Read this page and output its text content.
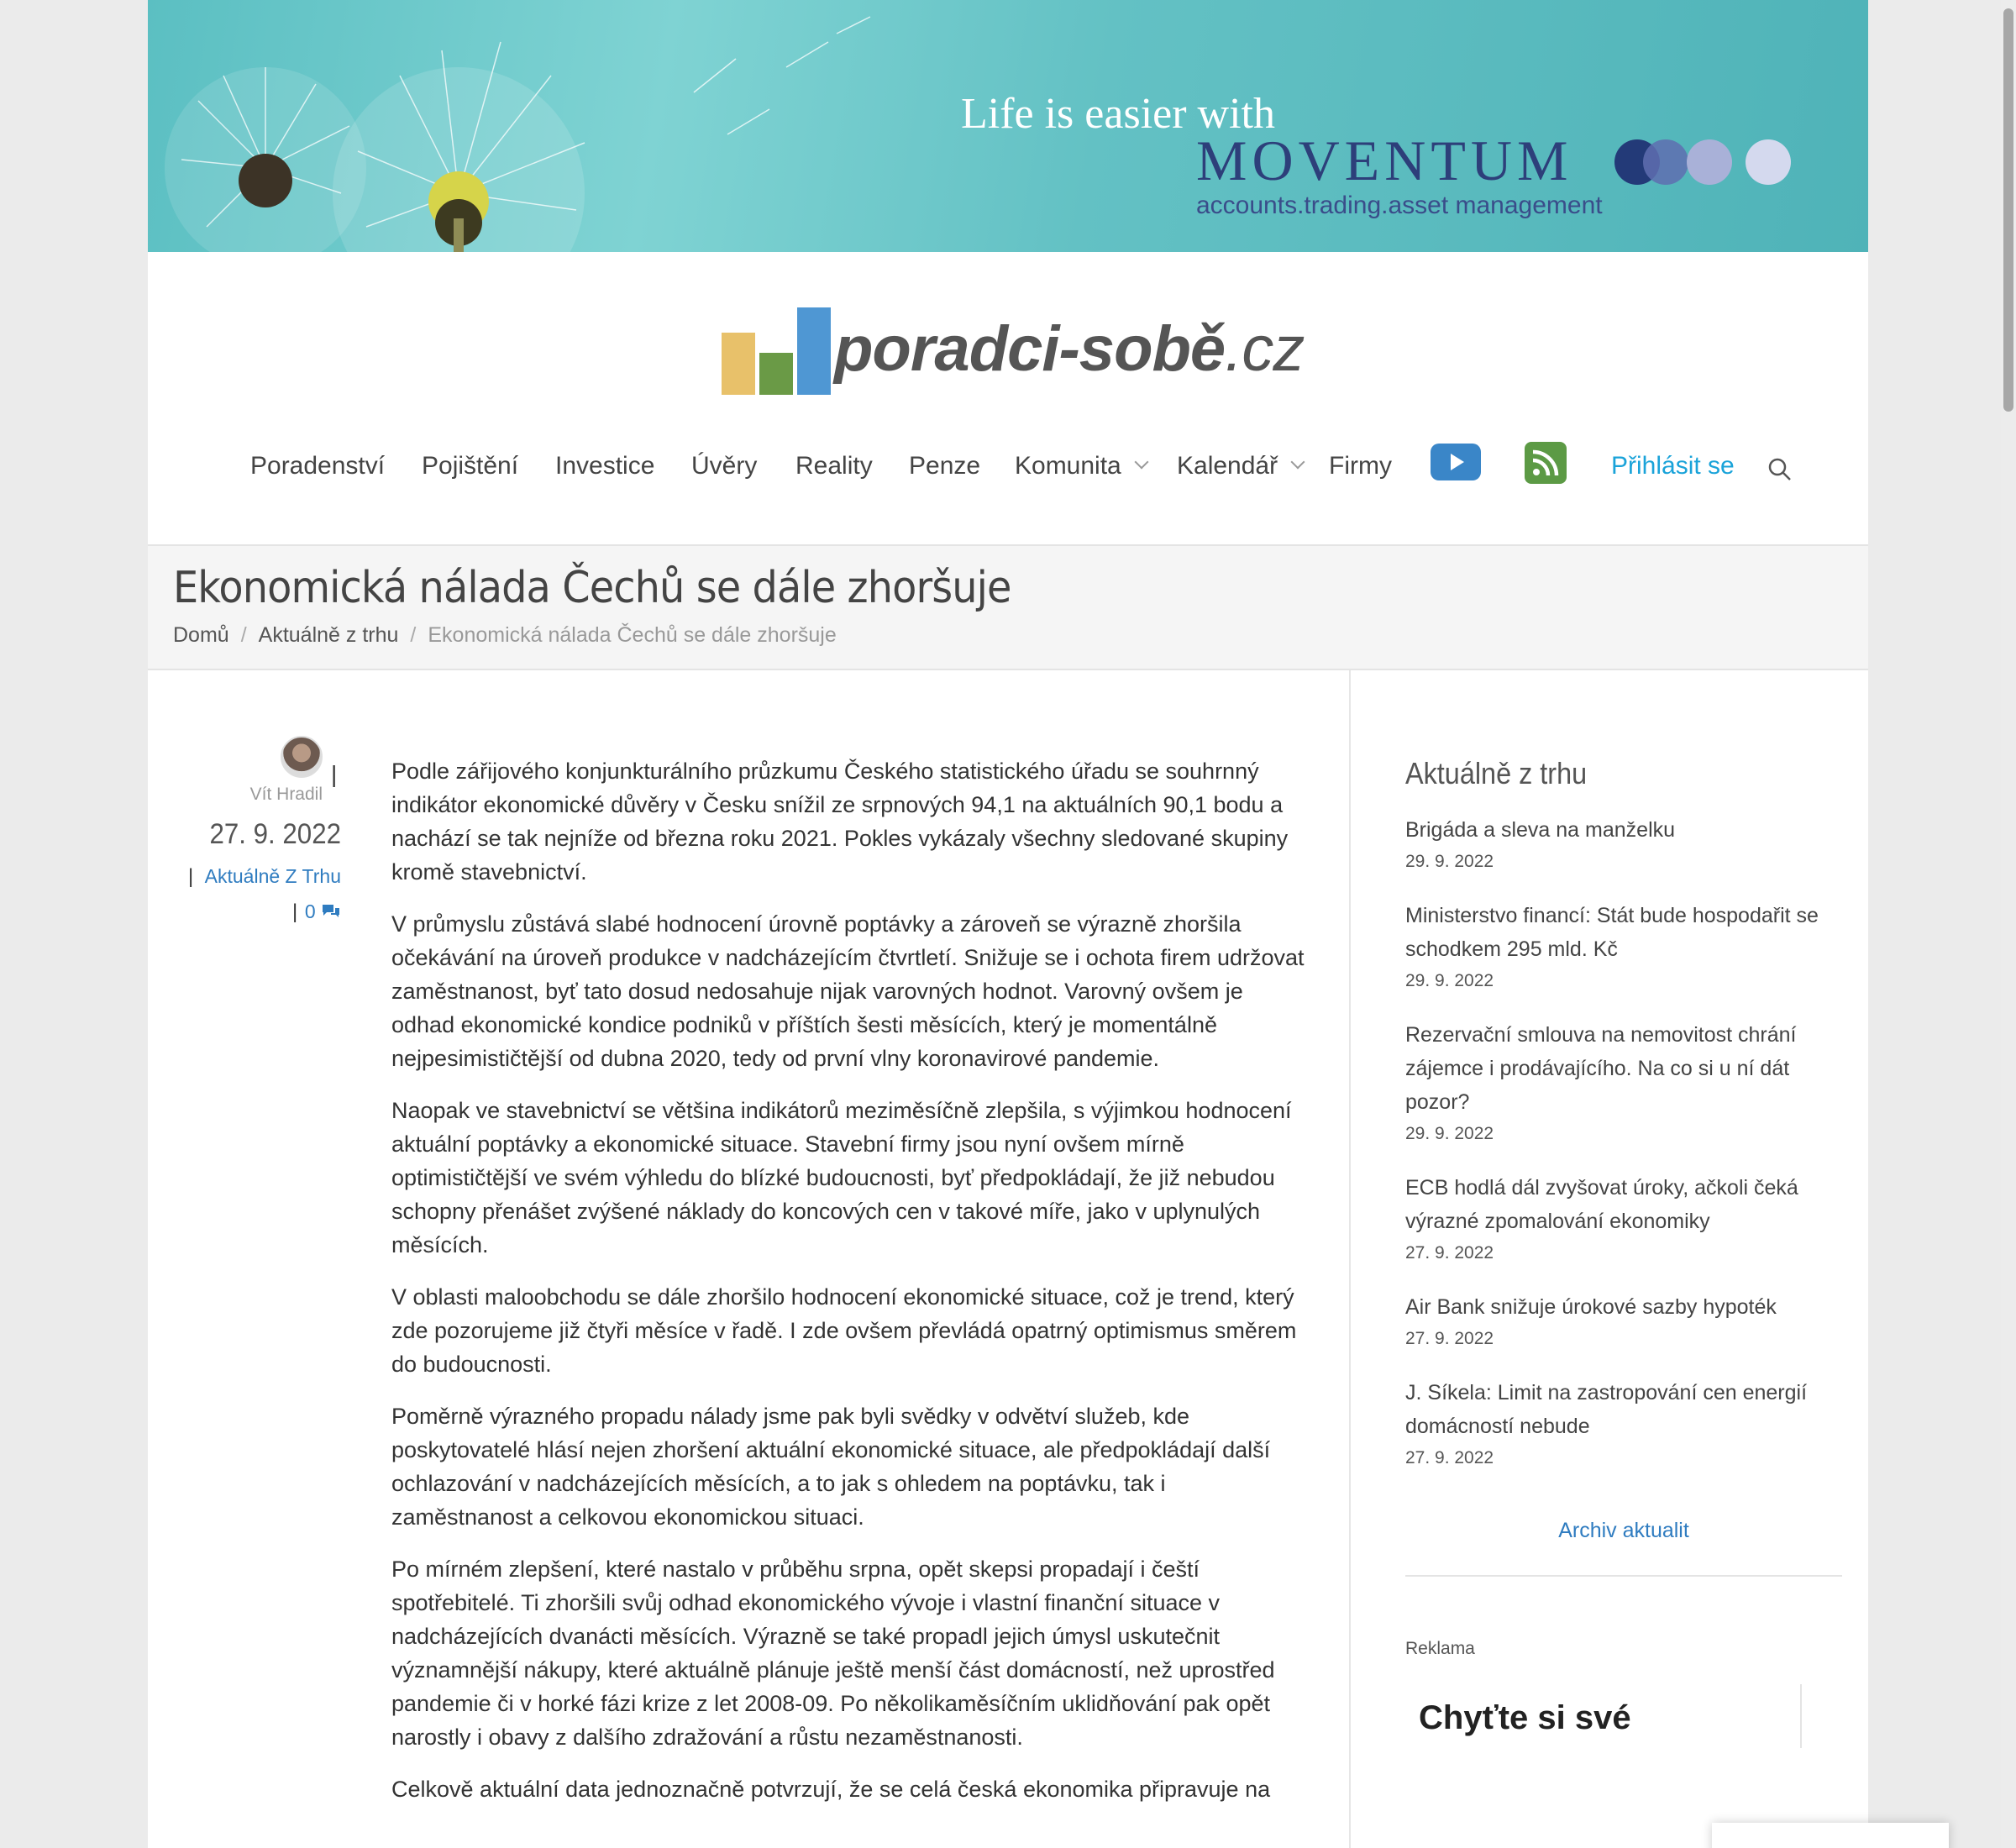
Life is easier with
MOVENTUM
accounts.trading.asset management
poradci-sobě.cz
Poradenství Pojištění Investice Úvěry Reality Penze Komunita	Kalendář	Firmy	Přihlásit se
Ekonomická nálada Čechů se dále zhoršuje
Domů / Aktuálně z trhu / Ekonomická nálada Čechů se dále zhoršuje
|
Vít Hradil
27. 9. 2022
| Aktuálně Z Trhu
| 0

Podle zářijového konjunkturálního průzkumu Českého statistického úřadu se souhrnný indikátor ekonomické důvěry v Česku snížil ze srpnových 94,1 na aktuálních 90,1 bodu a nachází se tak nejníže od března roku 2021. Pokles vykázaly všechny sledované skupiny kromě stavebnictví.

V průmyslu zůstává slabé hodnocení úrovně poptávky a zároveň se výrazně zhoršila očekávání na úroveň produkce v nadcházejícím čtvrtletí. Snižuje se i ochota firem udržovat zaměstnanost, byť tato dosud nedosahuje nijak varovných hodnot. Varovný ovšem je odhad ekonomické kondice podniků v příštích šesti měsících, který je momentálně nejpesimističtější od dubna 2020, tedy od první vlny koronavirové pandemie.

Naopak ve stavebnictví se většina indikátorů meziměsíčně zlepšila, s výjimkou hodnocení aktuální poptávky a ekonomické situace. Stavební firmy jsou nyní ovšem mírně optimističtější ve svém výhledu do blízké budoucnosti, byť předpokládají, že již nebudou schopny přenášet zvýšené náklady do koncových cen v takové míře, jako v uplynulých měsících.

V oblasti maloobchodu se dále zhoršilo hodnocení ekonomické situace, což je trend, který zde pozorujeme již čtyři měsíce v řadě. I zde ovšem převládá opatrný optimismus směrem do budoucnosti.

Poměrně výrazného propadu nálady jsme pak byli svědky v odvětví služeb, kde poskytovatelé hlásí nejen zhoršení aktuální ekonomické situace, ale předpokládají další ochlazování v nadcházejících měsících, a to jak s ohledem na poptávku, tak i zaměstnanost a celkovou ekonomickou situaci.

Po mírném zlepšení, které nastalo v průběhu srpna, opět skepsi propadají i čeští spotřebitelé. Ti zhoršili svůj odhad ekonomického vývoje i vlastní finanční situace v nadcházejících dvanácti měsících. Výrazně se také propadl jejich úmysl uskutečnit významnější nákupy, které aktuálně plánuje ještě menší část domácností, než uprostřed pandemie či v horké fázi krize z let 2008-09. Po několikaměsíčním uklidňování pak opět narostly i obavy z dalšího zdražování a růstu nezaměstnanosti.

Celkově aktuální data jednoznačně potvrzují, že se celá česká ekonomika připravuje na

Aktuálně z trhu
Brigáda a sleva na manželku
29. 9. 2022
Ministerstvo financí: Stát bude hospodařit se schodkem 295 mld. Kč
29. 9. 2022
Rezervační smlouva na nemovitost chrání zájemce i prodávajícího. Na co si u ní dát pozor?
29. 9. 2022
ECB hodlá dál zvyšovat úroky, ačkoli čeká výrazné zpomalování ekonomiky
27. 9. 2022
Air Bank snižuje úrokové sazby hypoték
27. 9. 2022
J. Síkela: Limit na zastropování cen energií domácností nebude
27. 9. 2022
Archiv aktualit
Reklama
Chyťte si své
